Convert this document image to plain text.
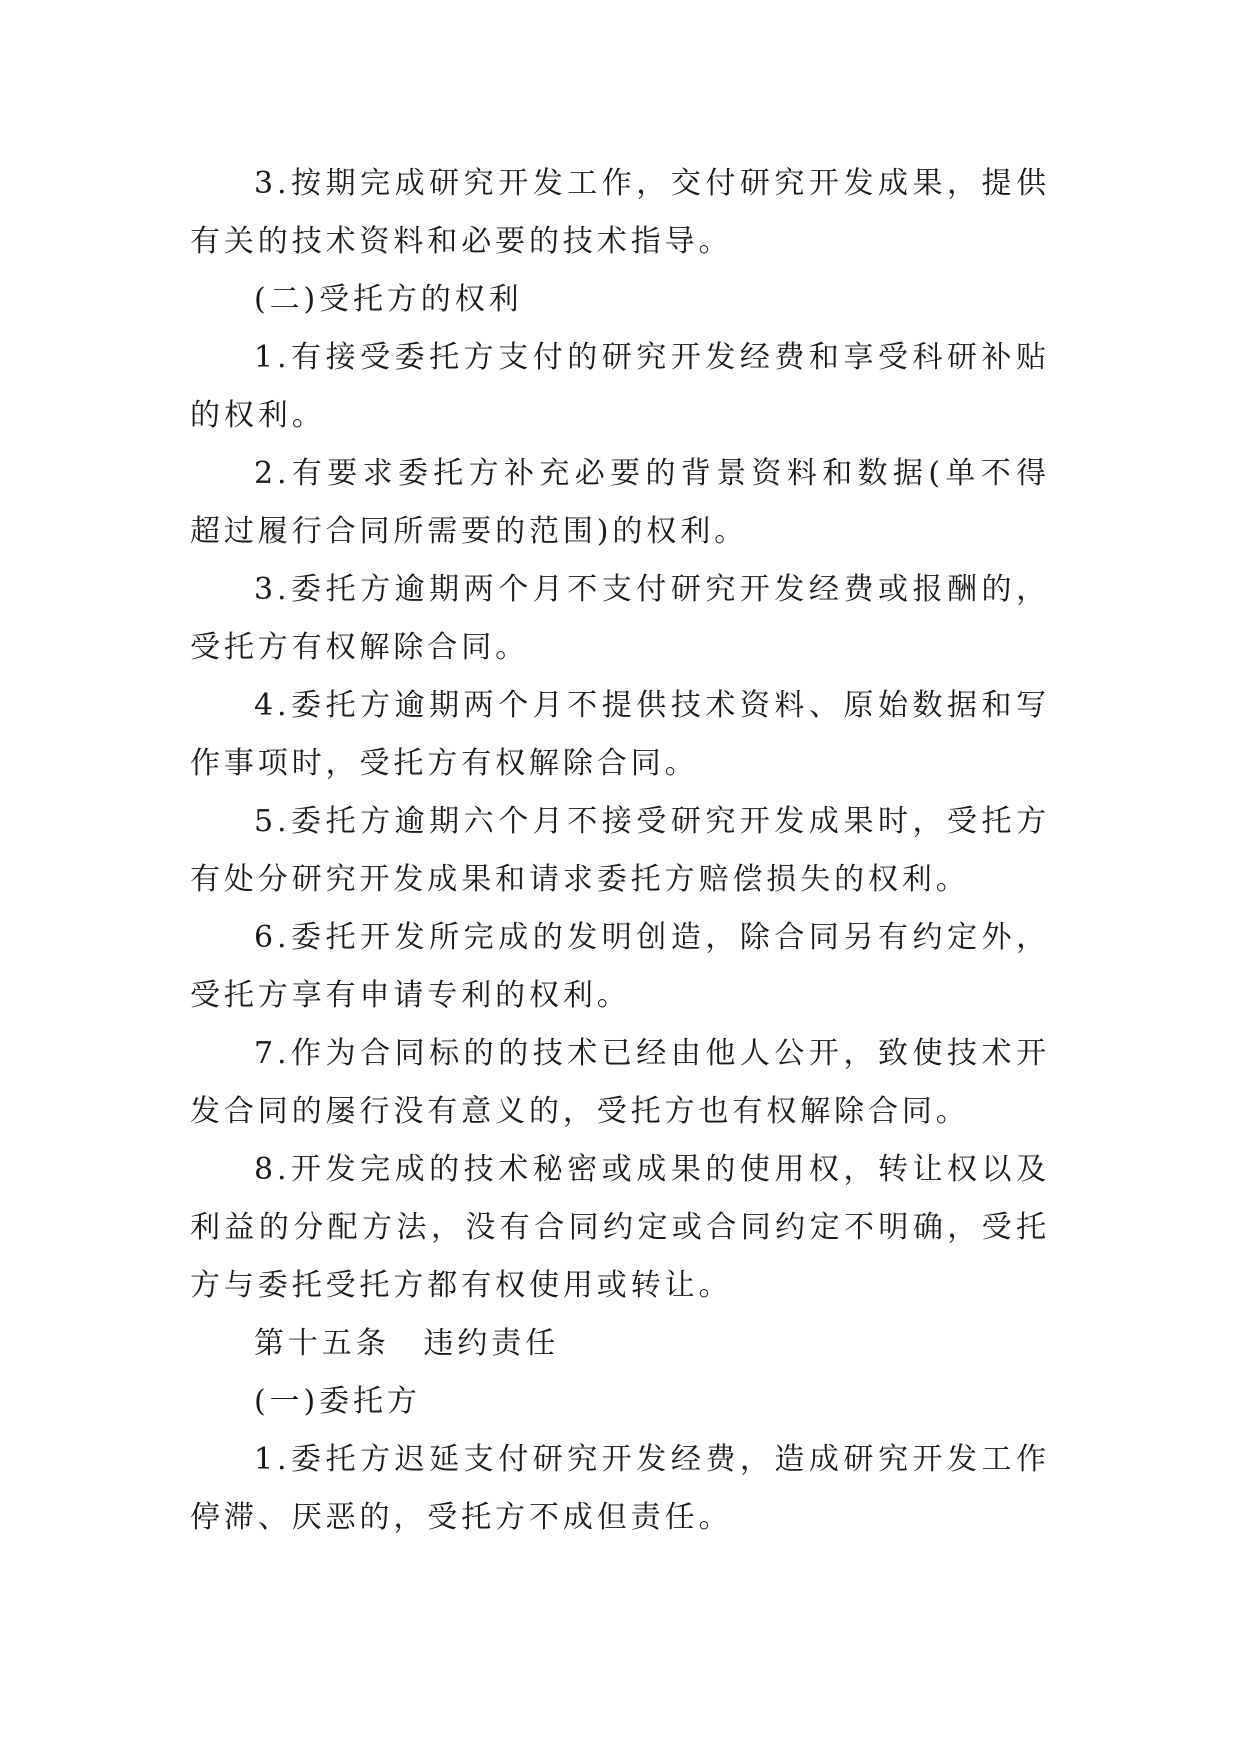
3.按期完成研究开发工作，交付研究开发成果，提供有关的技术资料和必要的技术指导。

(二)受托方的权利

1.有接受委托方支付的研究开发经费和享受科研补贴的权利。

2.有要求委托方补充必要的背景资料和数据(单不得超过履行合同所需要的范围)的权利。

3.委托方逾期两个月不支付研究开发经费或报酬的，受托方有权解除合同。

4.委托方逾期两个月不提供技术资料、原始数据和写作事项时，受托方有权解除合同。

5.委托方逾期六个月不接受研究开发成果时，受托方有处分研究开发成果和请求委托方赔偿损失的权利。

6.委托开发所完成的发明创造，除合同另有约定外，受托方享有申请专利的权利。

7.作为合同标的的技术已经由他人公开，致使技术开发合同的屡行没有意义的，受托方也有权解除合同。

8.开发完成的技术秘密或成果的使用权，转让权以及利益的分配方法，没有合同约定或合同约定不明确，受托方与委托受托方都有权使用或转让。

第十五条　违约责任

(一)委托方

1.委托方迟延支付研究开发经费，造成研究开发工作停滞、厌恶的，受托方不成但责任。
